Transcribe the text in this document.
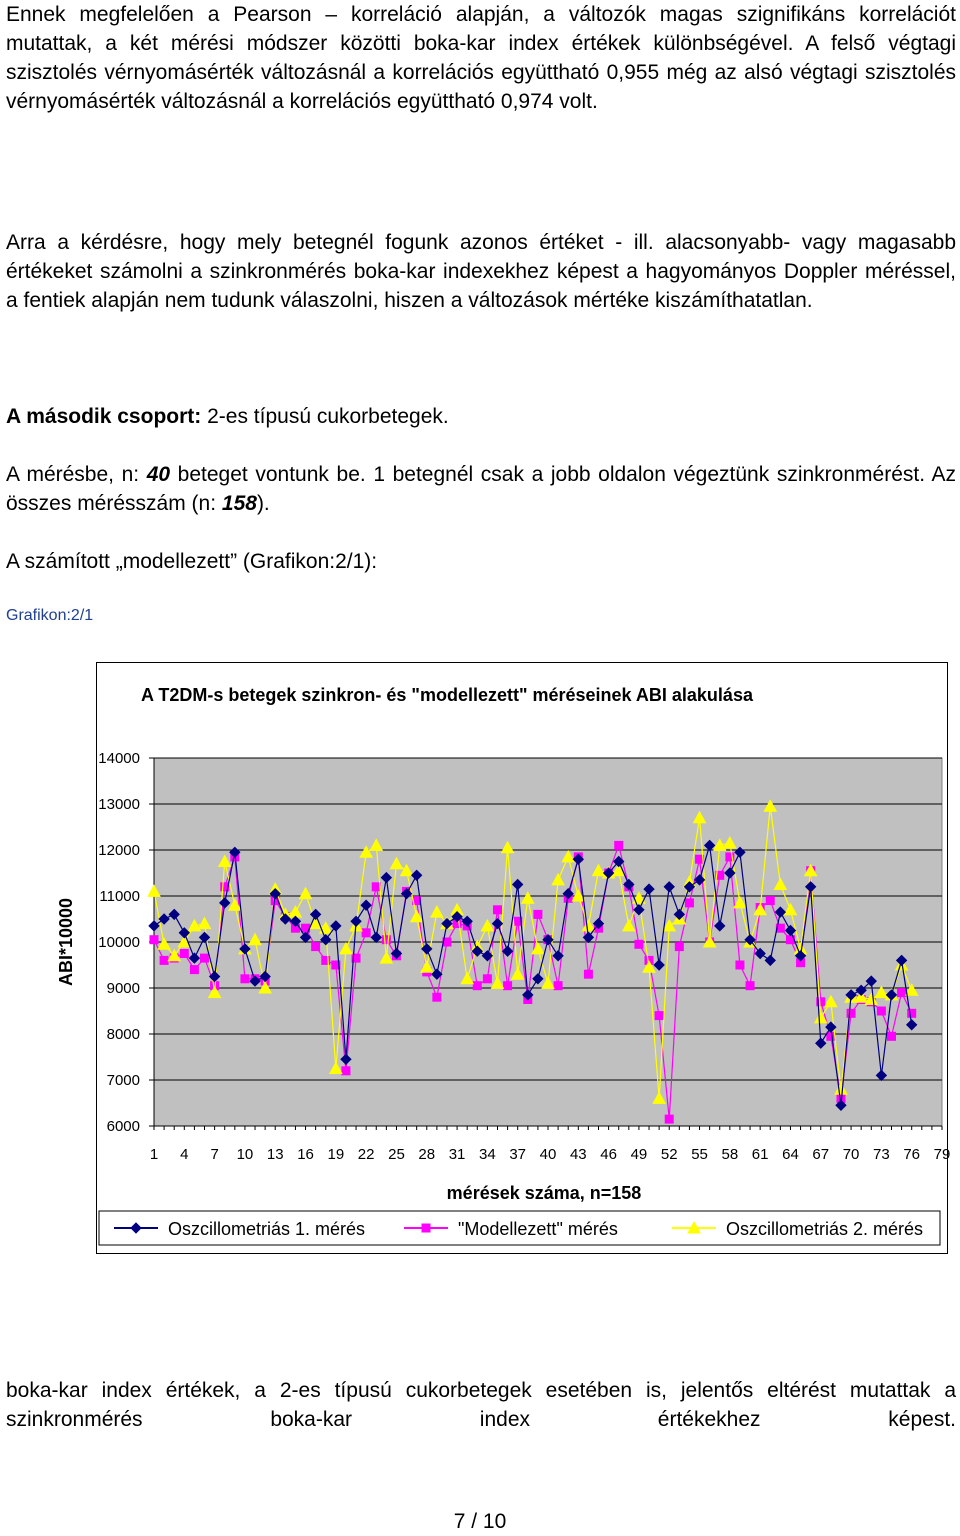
Ennek megfelelően a Pearson – korreláció alapján, a változók magas szignifikáns korrelációt mutattak, a két mérési módszer közötti boka-kar index értékek különbségével. A felső végtagi szisztolés vérnyomásérték változásnál a korrelációs együttható 0,955 még az alsó végtagi szisztolés vérnyomásérték változásnál a korrelációs együttható 0,974 volt.

Arra a kérdésre, hogy mely betegnél fogunk azonos értéket - ill. alacsonyabb- vagy magasabb értékeket számolni a szinkronmérés boka-kar indexekhez képest a hagyományos Doppler méréssel, a fentiek alapján nem tudunk válaszolni, hiszen a változások mértéke kiszámíthatatlan.

A második csoport: 2-es típusú cukorbetegek.

A mérésbe, n: 40 beteget vontunk be. 1 betegnél csak a jobb oldalon végeztünk szinkronmérést. Az összes mérésszám (n: 158).

A számított „modellezett” (Grafikon:2/1):

Grafikon:2/1

A T2DM-s betegek szinkron- és "modellezett" méréseinek ABI alakulása
ABI*10000
mérések száma, n=158
6000
7000
8000
9000
10000
11000
12000
13000
14000
1 4 7 10 13 16 19 22 25 28 31 34 37 40 43 46 49 52 55 58 61 64 67 70 73 76 79
Oszcillometriás 1. mérés	"Modellezett" mérés	Oszcillometriás 2. mérés

boka-kar index értékek, a 2-es típusú cukorbetegek esetében is, jelentős eltérést mutattak a szinkronmérés boka-kar index értékekhez képest.

7 / 10
